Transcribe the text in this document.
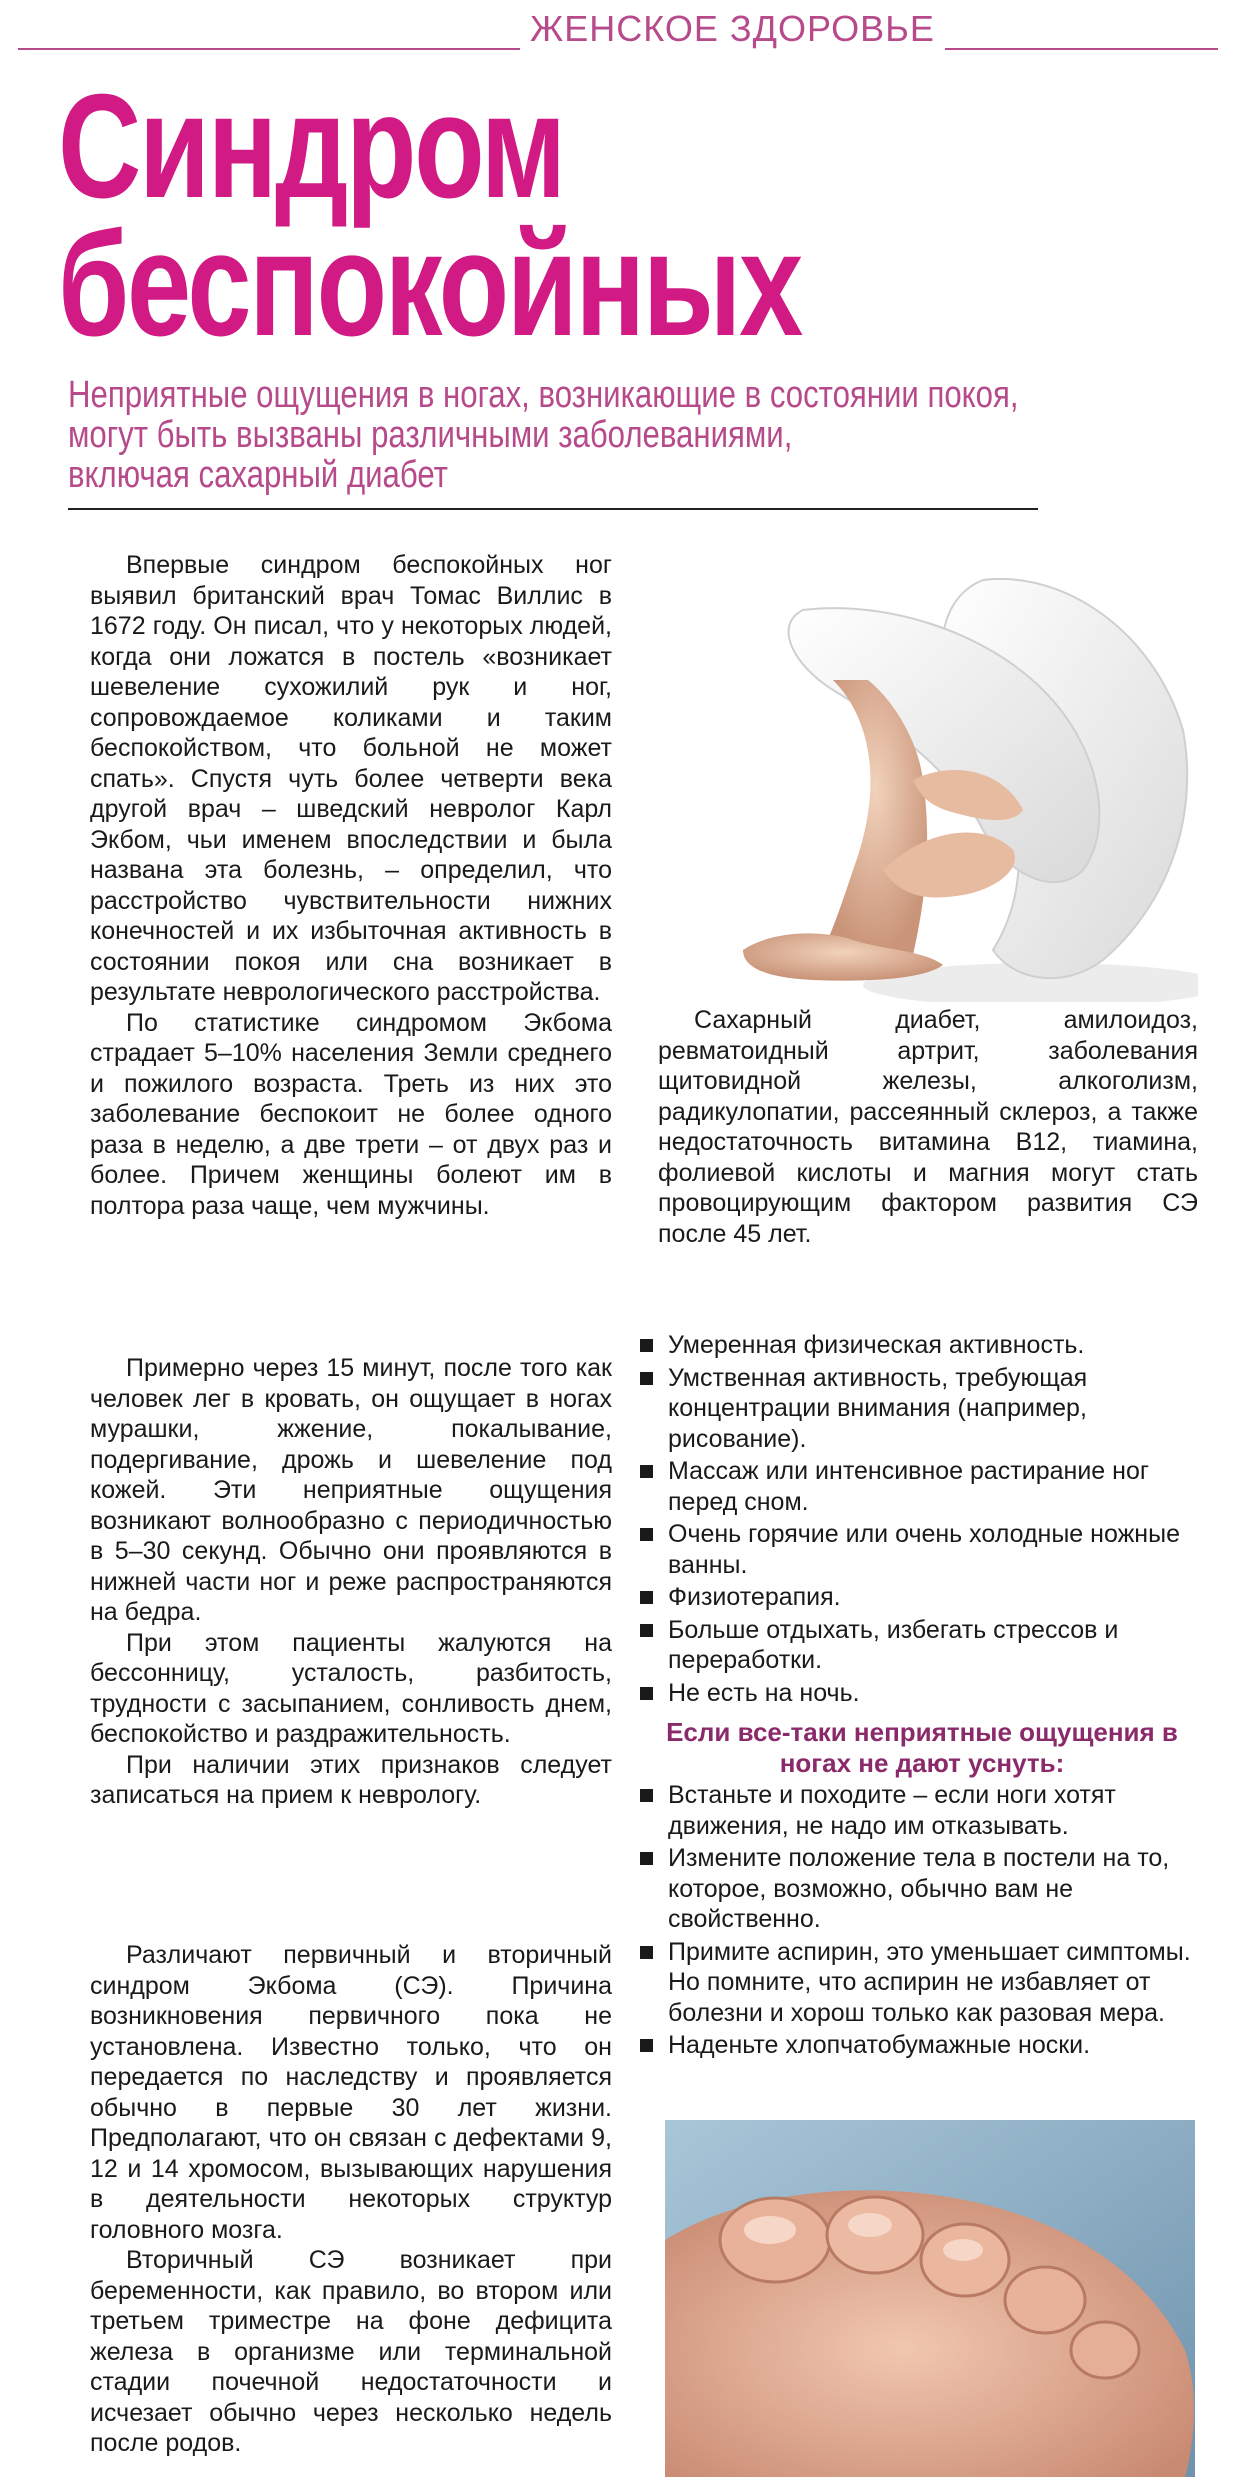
ЖЕНСКОЕ ЗДОРОВЬЕ
Синдром
беспокойных

Неприятные ощущения в ногах, возникающие в состоянии покоя,
могут быть вызваны различными заболеваниями,
включая сахарный диабет

Впервые синдром беспокойных ног выявил британский врач Томас Виллис в 1672 году. Он писал, что у некоторых людей, когда они ложатся в постель «возникает шевеление сухожилий рук и ног, сопровождаемое коликами и таким беспокойством, что больной не может спать». Спустя чуть более четверти века другой врач – шведский невролог Карл Экбом, чьи именем впоследствии и была названа эта болезнь, – определил, что расстройство чувствительности нижних конечностей и их избыточная активность в состоянии покоя или сна возникает в результате неврологического расстройства.

По статистике синдромом Экбома страдает 5–10% населения Земли среднего и пожилого возраста. Треть из них это заболевание беспокоит не более одного раза в неделю, а две трети – от двух раз и более. Причем женщины болеют им в полтора раза чаще, чем мужчины.

Примерно через 15 минут, после того как человек лег в кровать, он ощущает в ногах мурашки, жжение, покалывание, подергивание, дрожь и шевеление под кожей. Эти неприятные ощущения возникают волнообразно с периодичностью в 5–30 секунд. Обычно они проявляются в нижней части ног и реже распространяются на бедра.

При этом пациенты жалуются на бессонницу, усталость, разбитость, трудности с засыпанием, сонливость днем, беспокойство и раздражительность.

При наличии этих признаков следует записаться на прием к неврологу.

Различают первичный и вторичный синдром Экбома (СЭ). Причина возникновения первичного пока не установлена. Известно только, что он передается по наследству и проявляется обычно в первые 30 лет жизни. Предполагают, что он связан с дефектами 9, 12 и 14 хромосом, вызывающих нарушения в деятельности некоторых структур головного мозга.

Вторичный СЭ возникает при беременности, как правило, во втором или третьем триместре на фоне дефицита железа в организме или терминальной стадии почечной недостаточности и исчезает обычно через несколько недель после родов.

Сахарный диабет, амилоидоз, ревматоидный артрит, заболевания щитовидной железы, алкоголизм, радикулопатии, рассеянный склероз, а также недостаточность витамина В12, тиамина, фолиевой кислоты и магния могут стать провоцирующим фактором развития СЭ после 45 лет.

Умеренная физическая активность.
Умственная активность, требующая концентрации внимания (например, рисование).
Массаж или интенсивное растирание ног перед сном.
Очень горячие или очень холодные ножные ванны.
Физиотерапия.
Больше отдыхать, избегать стрессов и переработки.
Не есть на ночь.

Если все-таки неприятные ощущения в ногах не дают уснуть:

Встаньте и походите – если ноги хотят движения, не надо им отказывать.
Измените положение тела в постели на то, которое, возможно, обычно вам не свойственно.
Примите аспирин, это уменьшает симптомы. Но помните, что аспирин не избавляет от болезни и хорош только как разовая мера.
Наденьте хлопчатобумажные носки.
